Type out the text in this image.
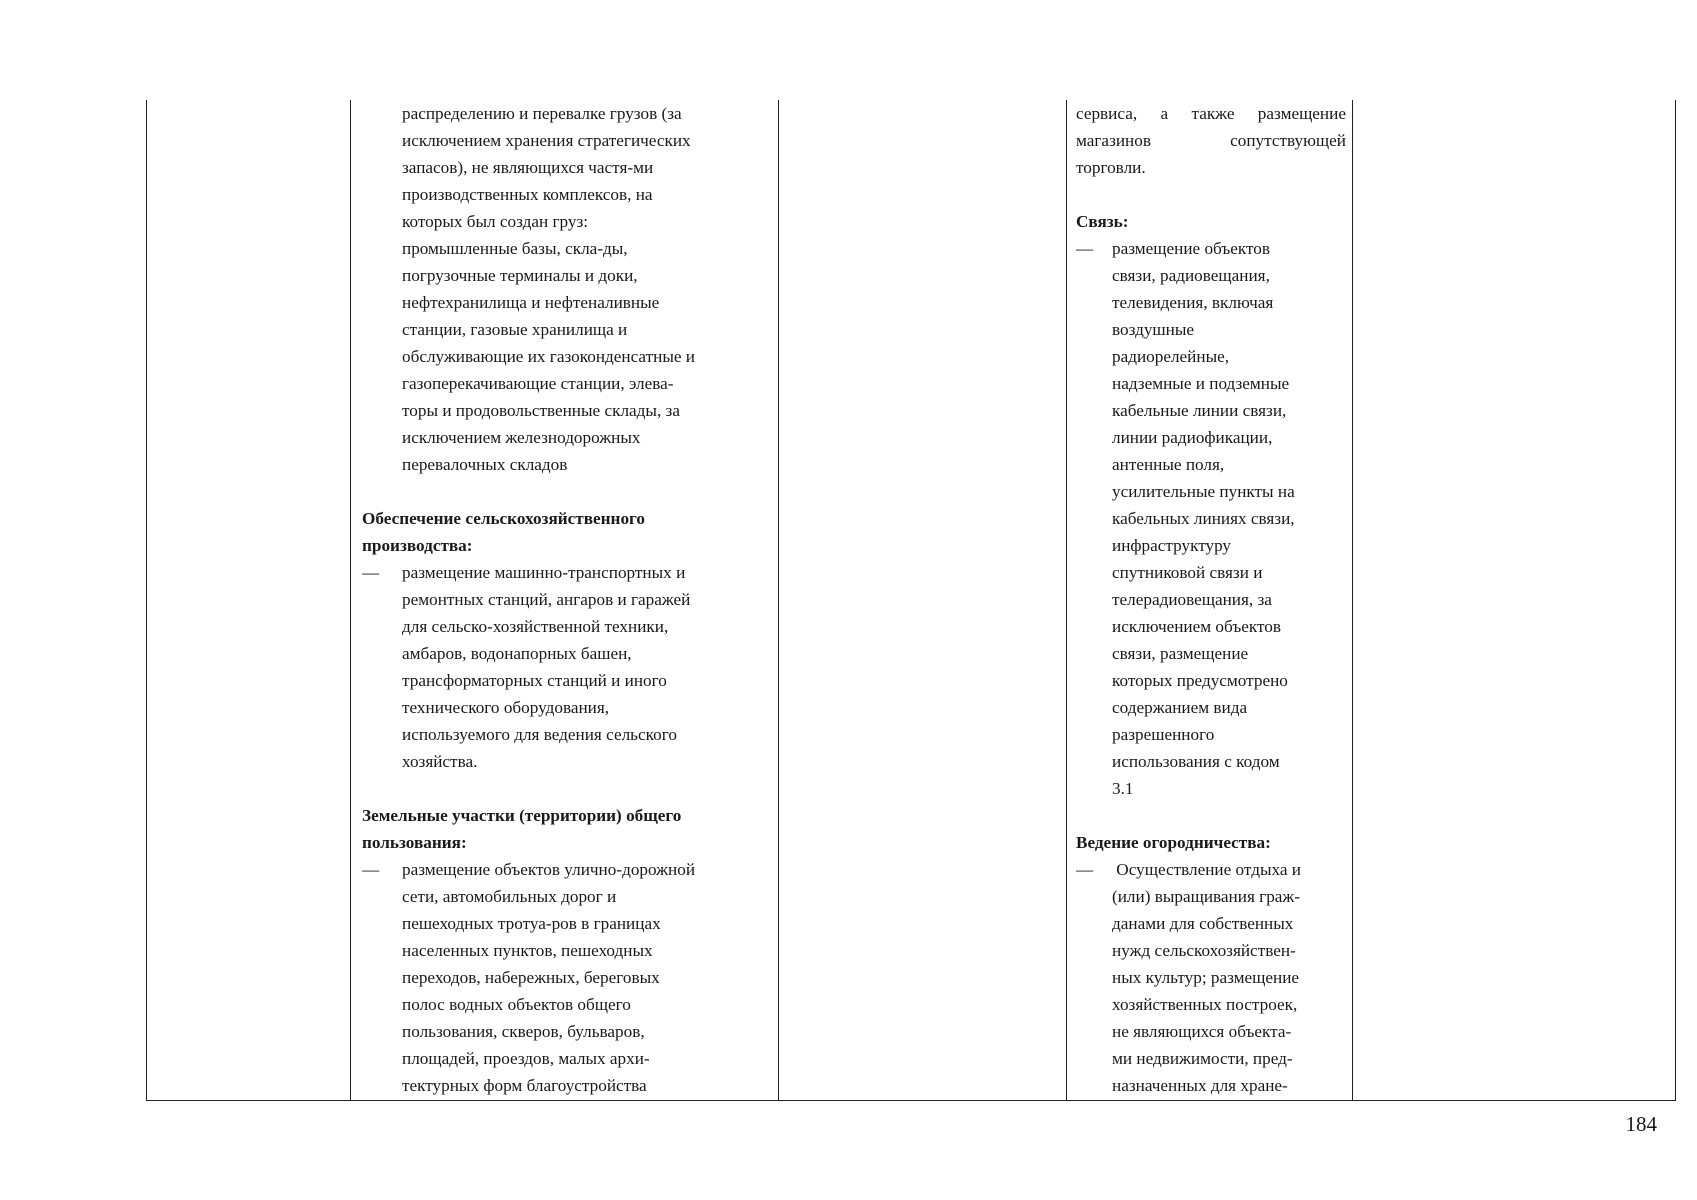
распределению и перевалке грузов (за
исключением хранения стратегических
запасов), не являющихся частя-ми
производственных комплексов, на
которых был создан груз:
промышленные базы, скла-ды,
погрузочные терминалы и доки,
нефтехранилища и нефтеналивные
станции, газовые хранилища и
обслуживающие их газоконденсатные и
газоперекачивающие станции, элева-
торы и продовольственные склады, за
исключением железнодорожных
перевалочных складов
Обеспечение сельскохозяйственного
производства:
— размещение машинно-транспортных и
ремонтных станций, ангаров и гаражей
для сельско-хозяйственной техники,
амбаров, водонапорных башен,
трансформаторных станций и иного
технического оборудования,
используемого для ведения сельского
хозяйства.
Земельные участки (территории) общего
пользования:
— размещение объектов улично-дорожной
сети, автомобильных дорог и
пешеходных тротуа-ров в границах
населенных пунктов, пешеходных
переходов, набережных, береговых
полос водных объектов общего
пользования, скверов, бульваров,
площадей, проездов, малых архи-
тектурных форм благоустройства
сервиса, а также размещение
магазинов	сопутствующей
торговли.
Связь:
— размещение объектов
связи, радиовещания,
телевидения, включая
воздушные
радиорелейные,
надземные и подземные
кабельные линии связи,
линии радиофикации,
антенные поля,
усилительные пункты на
кабельных линиях связи,
инфраструктуру
спутниковой связи и
телерадиовещания, за
исключением объектов
связи, размещение
которых предусмотрено
содержанием вида
разрешенного
использования с кодом
3.1
Ведение огородничества:
— Осуществление отдыха и
(или) выращивания граж-
данами для собственных
нужд сельскохозяйствен-
ных культур; размещение
хозяйственных построек,
не являющихся объекта-
ми недвижимости, пред-
назначенных для хране-
184
